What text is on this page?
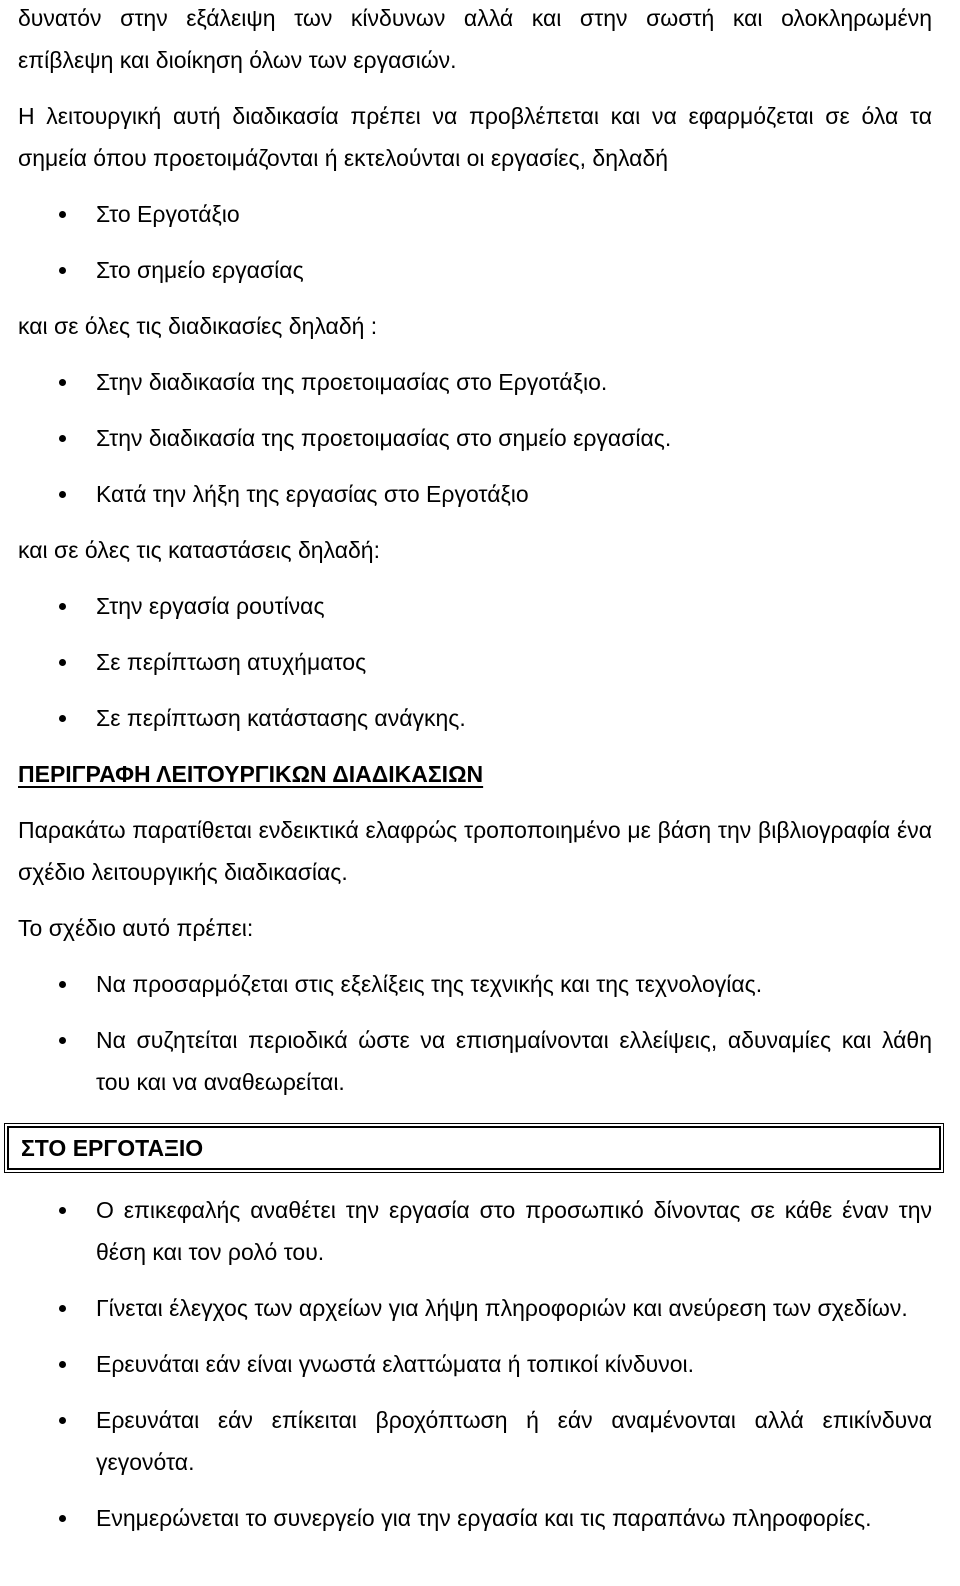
δυνατόν στην εξάλειψη των κίνδυνων αλλά και στην σωστή και ολοκληρωμένη

επίβλεψη και διοίκηση όλων των εργασιών.

Η λειτουργική αυτή διαδικασία πρέπει να προβλέπεται και να εφαρμόζεται σε όλα τα σημεία όπου προετοιμάζονται ή εκτελούνται οι εργασίες, δηλαδή

Στο Εργοτάξιο
Στο σημείο εργασίας

και σε όλες τις διαδικασίες δηλαδή :

Στην διαδικασία της προετοιμασίας στο Εργοτάξιο.
Στην διαδικασία της προετοιμασίας στο σημείο εργασίας.
Κατά την λήξη της εργασίας στο Εργοτάξιο

και σε όλες τις καταστάσεις δηλαδή:

Στην εργασία ρουτίνας
Σε περίπτωση ατυχήματος
Σε περίπτωση κατάστασης ανάγκης.

ΠΕΡΙΓΡΑΦΗ ΛΕΙΤΟΥΡΓΙΚΩΝ ΔΙΑΔΙΚΑΣΙΩΝ

Παρακάτω παρατίθεται ενδεικτικά ελαφρώς τροποποιημένο με βάση την βιβλιογραφία ένα σχέδιο λειτουργικής διαδικασίας.

Το σχέδιο αυτό πρέπει:

Να προσαρμόζεται στις εξελίξεις της τεχνικής και της τεχνολογίας.
Να συζητείται περιοδικά ώστε να επισημαίνονται ελλείψεις, αδυναμίες και λάθη του και να αναθεωρείται.
ΣΤΟ ΕΡΓΟΤΑΞΙΟ
Ο επικεφαλής αναθέτει την εργασία στο προσωπικό δίνοντας σε κάθε έναν την θέση και τον ρολό του.
Γίνεται έλεγχος των αρχείων για λήψη πληροφοριών και ανεύρεση των σχεδίων.
Ερευνάται εάν είναι γνωστά ελαττώματα ή τοπικοί κίνδυνοι.
Ερευνάται εάν επίκειται βροχόπτωση ή εάν αναμένονται αλλά επικίνδυνα γεγονότα.
Ενημερώνεται το συνεργείο για την εργασία και τις παραπάνω πληροφορίες.
